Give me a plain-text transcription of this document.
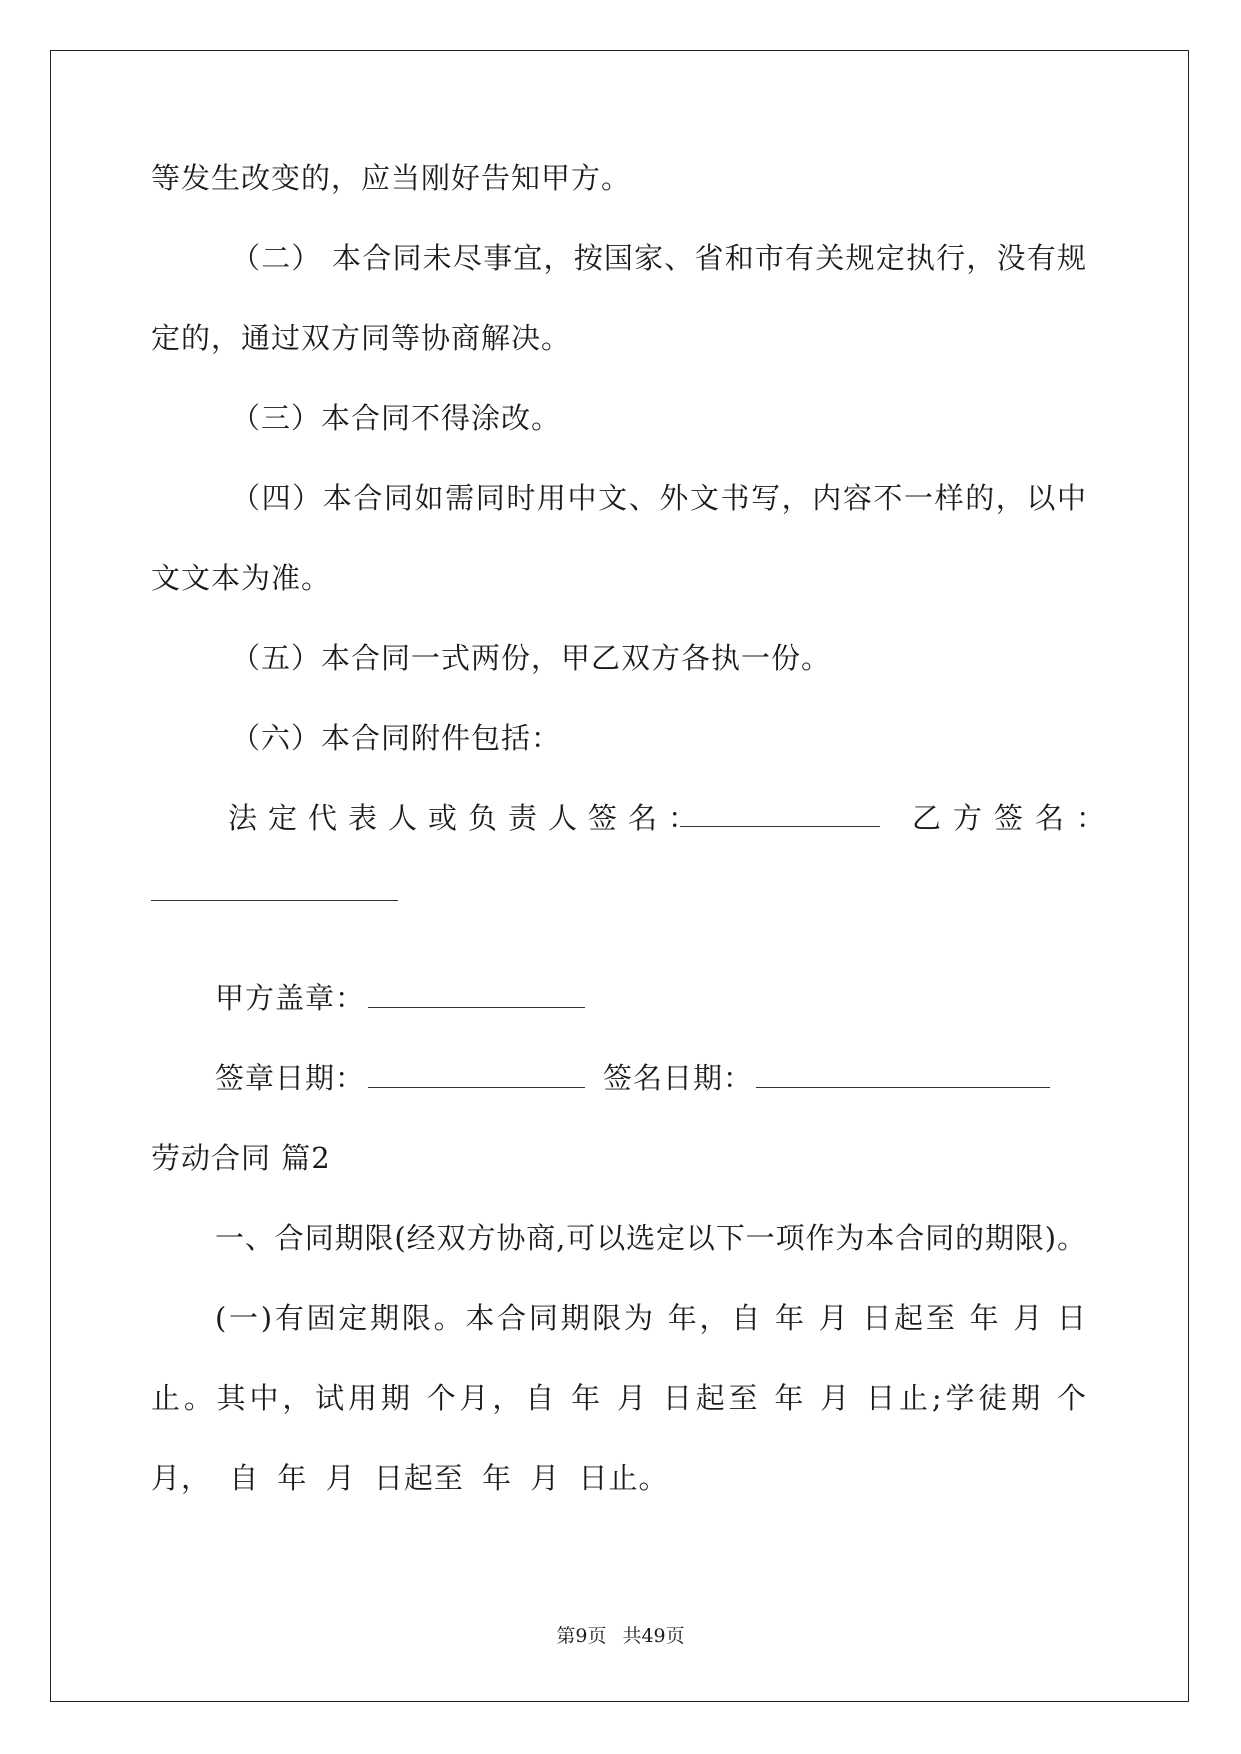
等发生改变的，应当刚好告知甲方。
（二） 本合同未尽事宜，按国家、省和市有关规定执行，没有规
定的，通过双方同等协商解决。
（三）本合同不得涂改。
（四）本合同如需同时用中文、外文书写，内容不一样的，以中
文文本为准。
（五）本合同一式两份，甲乙双方各执一份。
（六）本合同附件包括：
法定代表人或负责人签名：	乙方签名：
甲方盖章：
签章日期：	签名日期：
劳动合同 篇2
一、合同期限(经双方协商,可以选定以下一项作为本合同的期限)。
(一)有固定期限。本合同期限为 年，自 年 月 日起至 年 月 日
止。其中，试用期 个月，自 年 月 日起至 年 月 日止;学徒期 个
月， 自 年 月 日起至 年 月 日止。
第9页 共49页
